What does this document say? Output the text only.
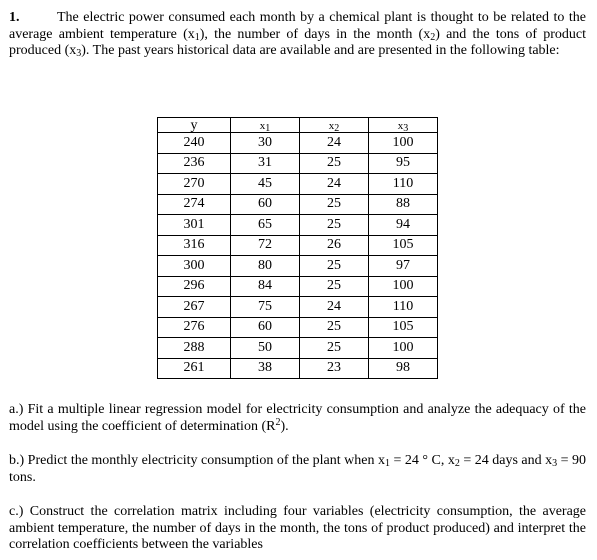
1.	The electric power consumed each month by a chemical plant is thought to be related to the average ambient temperature $(x_1)$, the number of days in the month $(x_2)$ and the tons of product produced $(x_3)$. The past years historical data are available and are presented in the following table:
y	$x_1$	$x_2$	$x_3$
240	30	24	100
236	31	25	95
270	45	24	110
274	60	25	88
301	65	25	94
316	72	26	105
300	80	25	97
296	84	25	100
267	75	24	110
276	60	25	105
288	50	25	100
261	38	23	98
a.) Fit a multiple linear regression model for electricity consumption and analyze the adequacy of the model using the coefficient of determination $(R^2)$.
b.) Predict the monthly electricity consumption of the plant when $x_1 = 24$ ° C, $x_2 = 24$ days and $x_3 = 90$ tons.
c.) Construct the correlation matrix including four variables (electricity consumption, the average ambient temperature, the number of days in the month, the tons of product produced) and interpret the correlation coefficients between the variables
